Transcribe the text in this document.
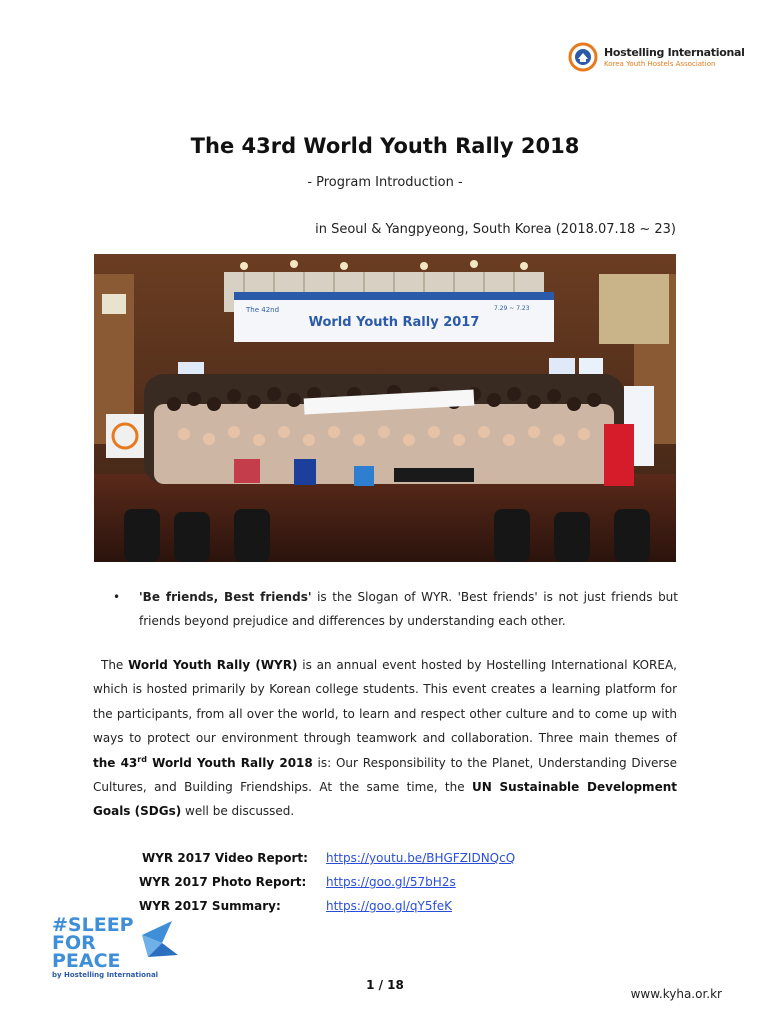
Hostelling International
Korea Youth Hostels Association
The 43rd World Youth Rally 2018
- Program Introduction -
in Seoul & Yangpyeong, South Korea (2018.07.18 ~ 23)
The 42nd
World Youth Rally 2017
7.29 ~ 7.23
• 'Be friends, Best friends' is the Slogan of WYR. 'Best friends' is not just friends but friends beyond prejudice and differences by understanding each other.
The World Youth Rally (WYR) is an annual event hosted by Hostelling International KOREA, which is hosted primarily by Korean college students. This event creates a learning platform for the participants, from all over the world, to learn and respect other culture and to come up with ways to protect our environment through teamwork and collaboration. Three main themes of the 43rd World Youth Rally 2018 is: Our Responsibility to the Planet, Understanding Diverse Cultures, and Building Friendships. At the same time, the UN Sustainable Development Goals (SDGs) well be discussed.
WYR 2017 Video Report: https://youtu.be/BHGFZIDNQcQ
WYR 2017 Photo Report: https://goo.gl/57bH2s
WYR 2017 Summary:	https://goo.gl/qY5feK
#SLEEP
FOR
PEACE
by Hostelling International
1 / 18
www.kyha.or.kr
